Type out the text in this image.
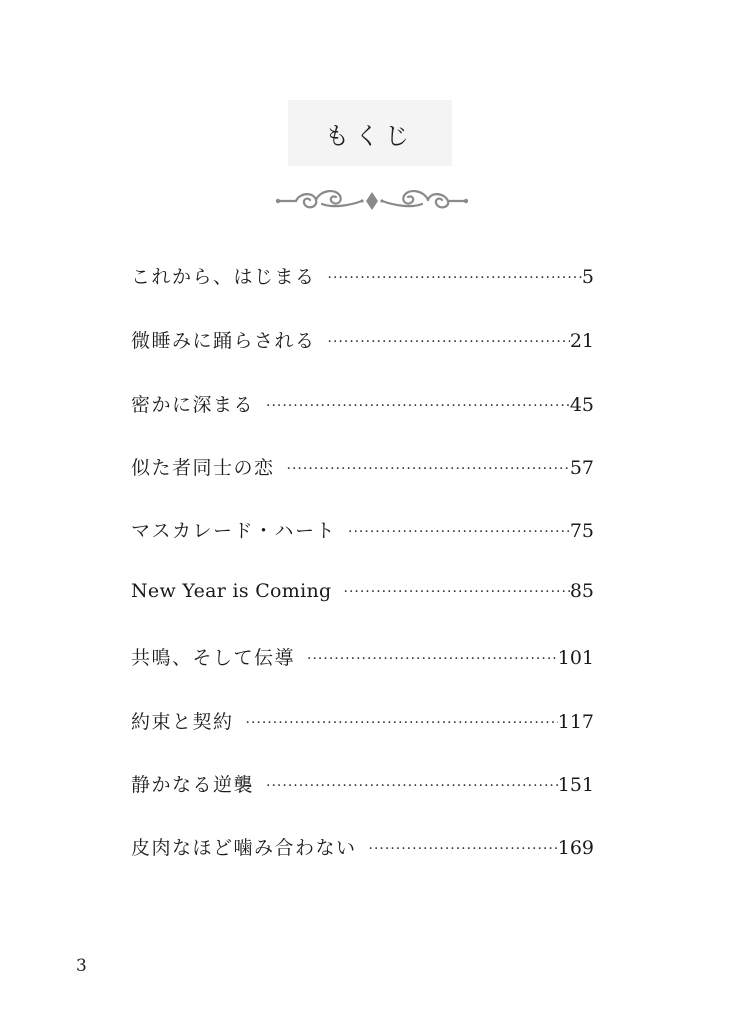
もくじ
これから、はじまる ·····	5
微睡みに踊らされる ·····	21
密かに深まる ·····	45
似た者同士の恋 ·····	57
マスカレード・ハート ·····	75
New Year is Coming ·····	85
共鳴、そして伝導 ·····	101
約束と契約 ·····	117
静かなる逆襲 ·····	151
皮肉なほど噛み合わない ·····	169
3
